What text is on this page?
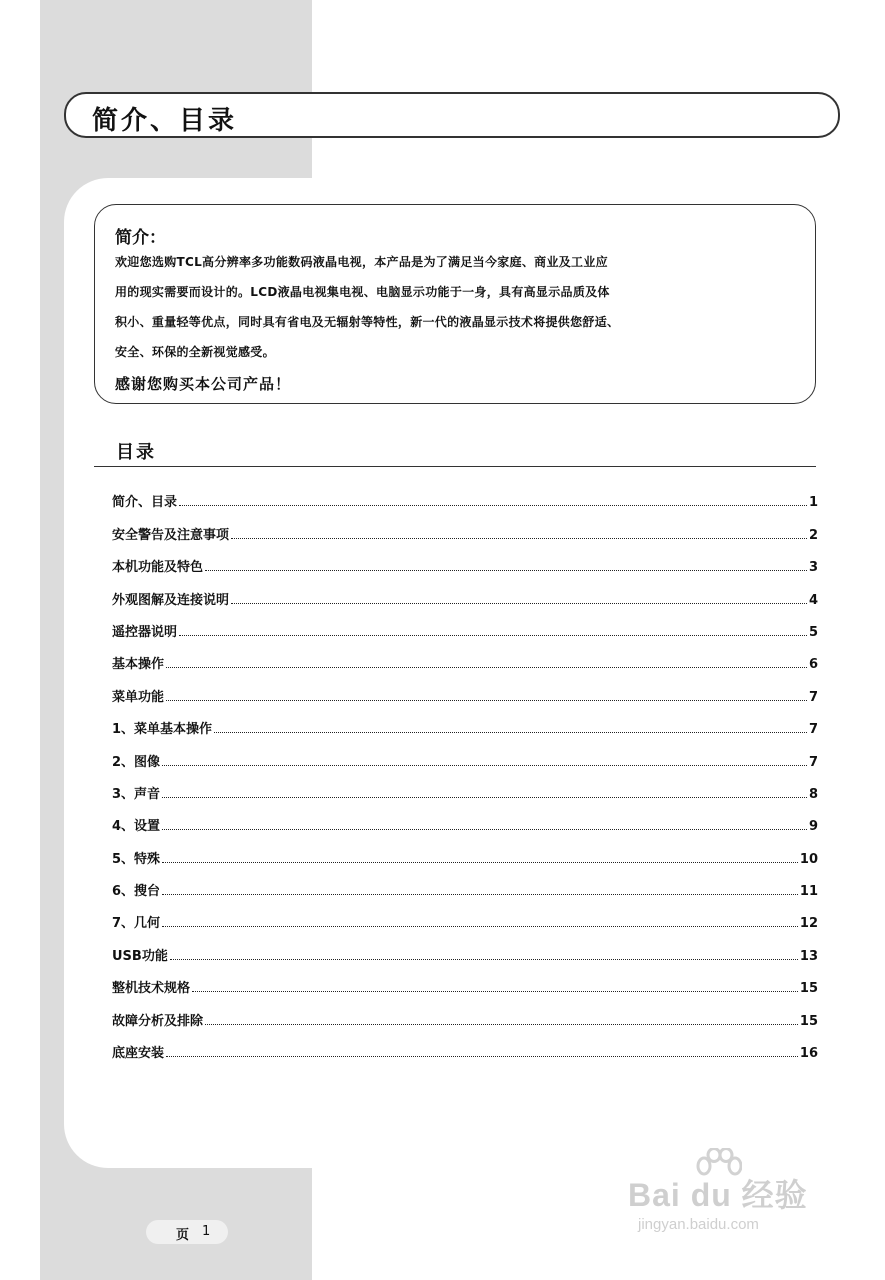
简介、目录
简介：
欢迎您选购TCL高分辨率多功能数码液晶电视，本产品是为了满足当今家庭、商业及工业应
用的现实需要而设计的。LCD液晶电视集电视、电脑显示功能于一身，具有高显示品质及体
积小、重量轻等优点，同时具有省电及无辐射等特性，新一代的液晶显示技术将提供您舒适、
安全、环保的全新视觉感受。
感谢您购买本公司产品！
目录
简介、目录	1
安全警告及注意事项	2
本机功能及特色	3
外观图解及连接说明	4
遥控器说明	5
基本操作	6
菜单功能	7
1、菜单基本操作	7
2、图像	7
3、声音	8
4、设置	9
5、特殊	10
6、搜台	11
7、几何	12
USB功能	13
整机技术规格	15
故障分析及排除	15
底座安装	16
页 1
Bai du 经验
jingyan.baidu.com
